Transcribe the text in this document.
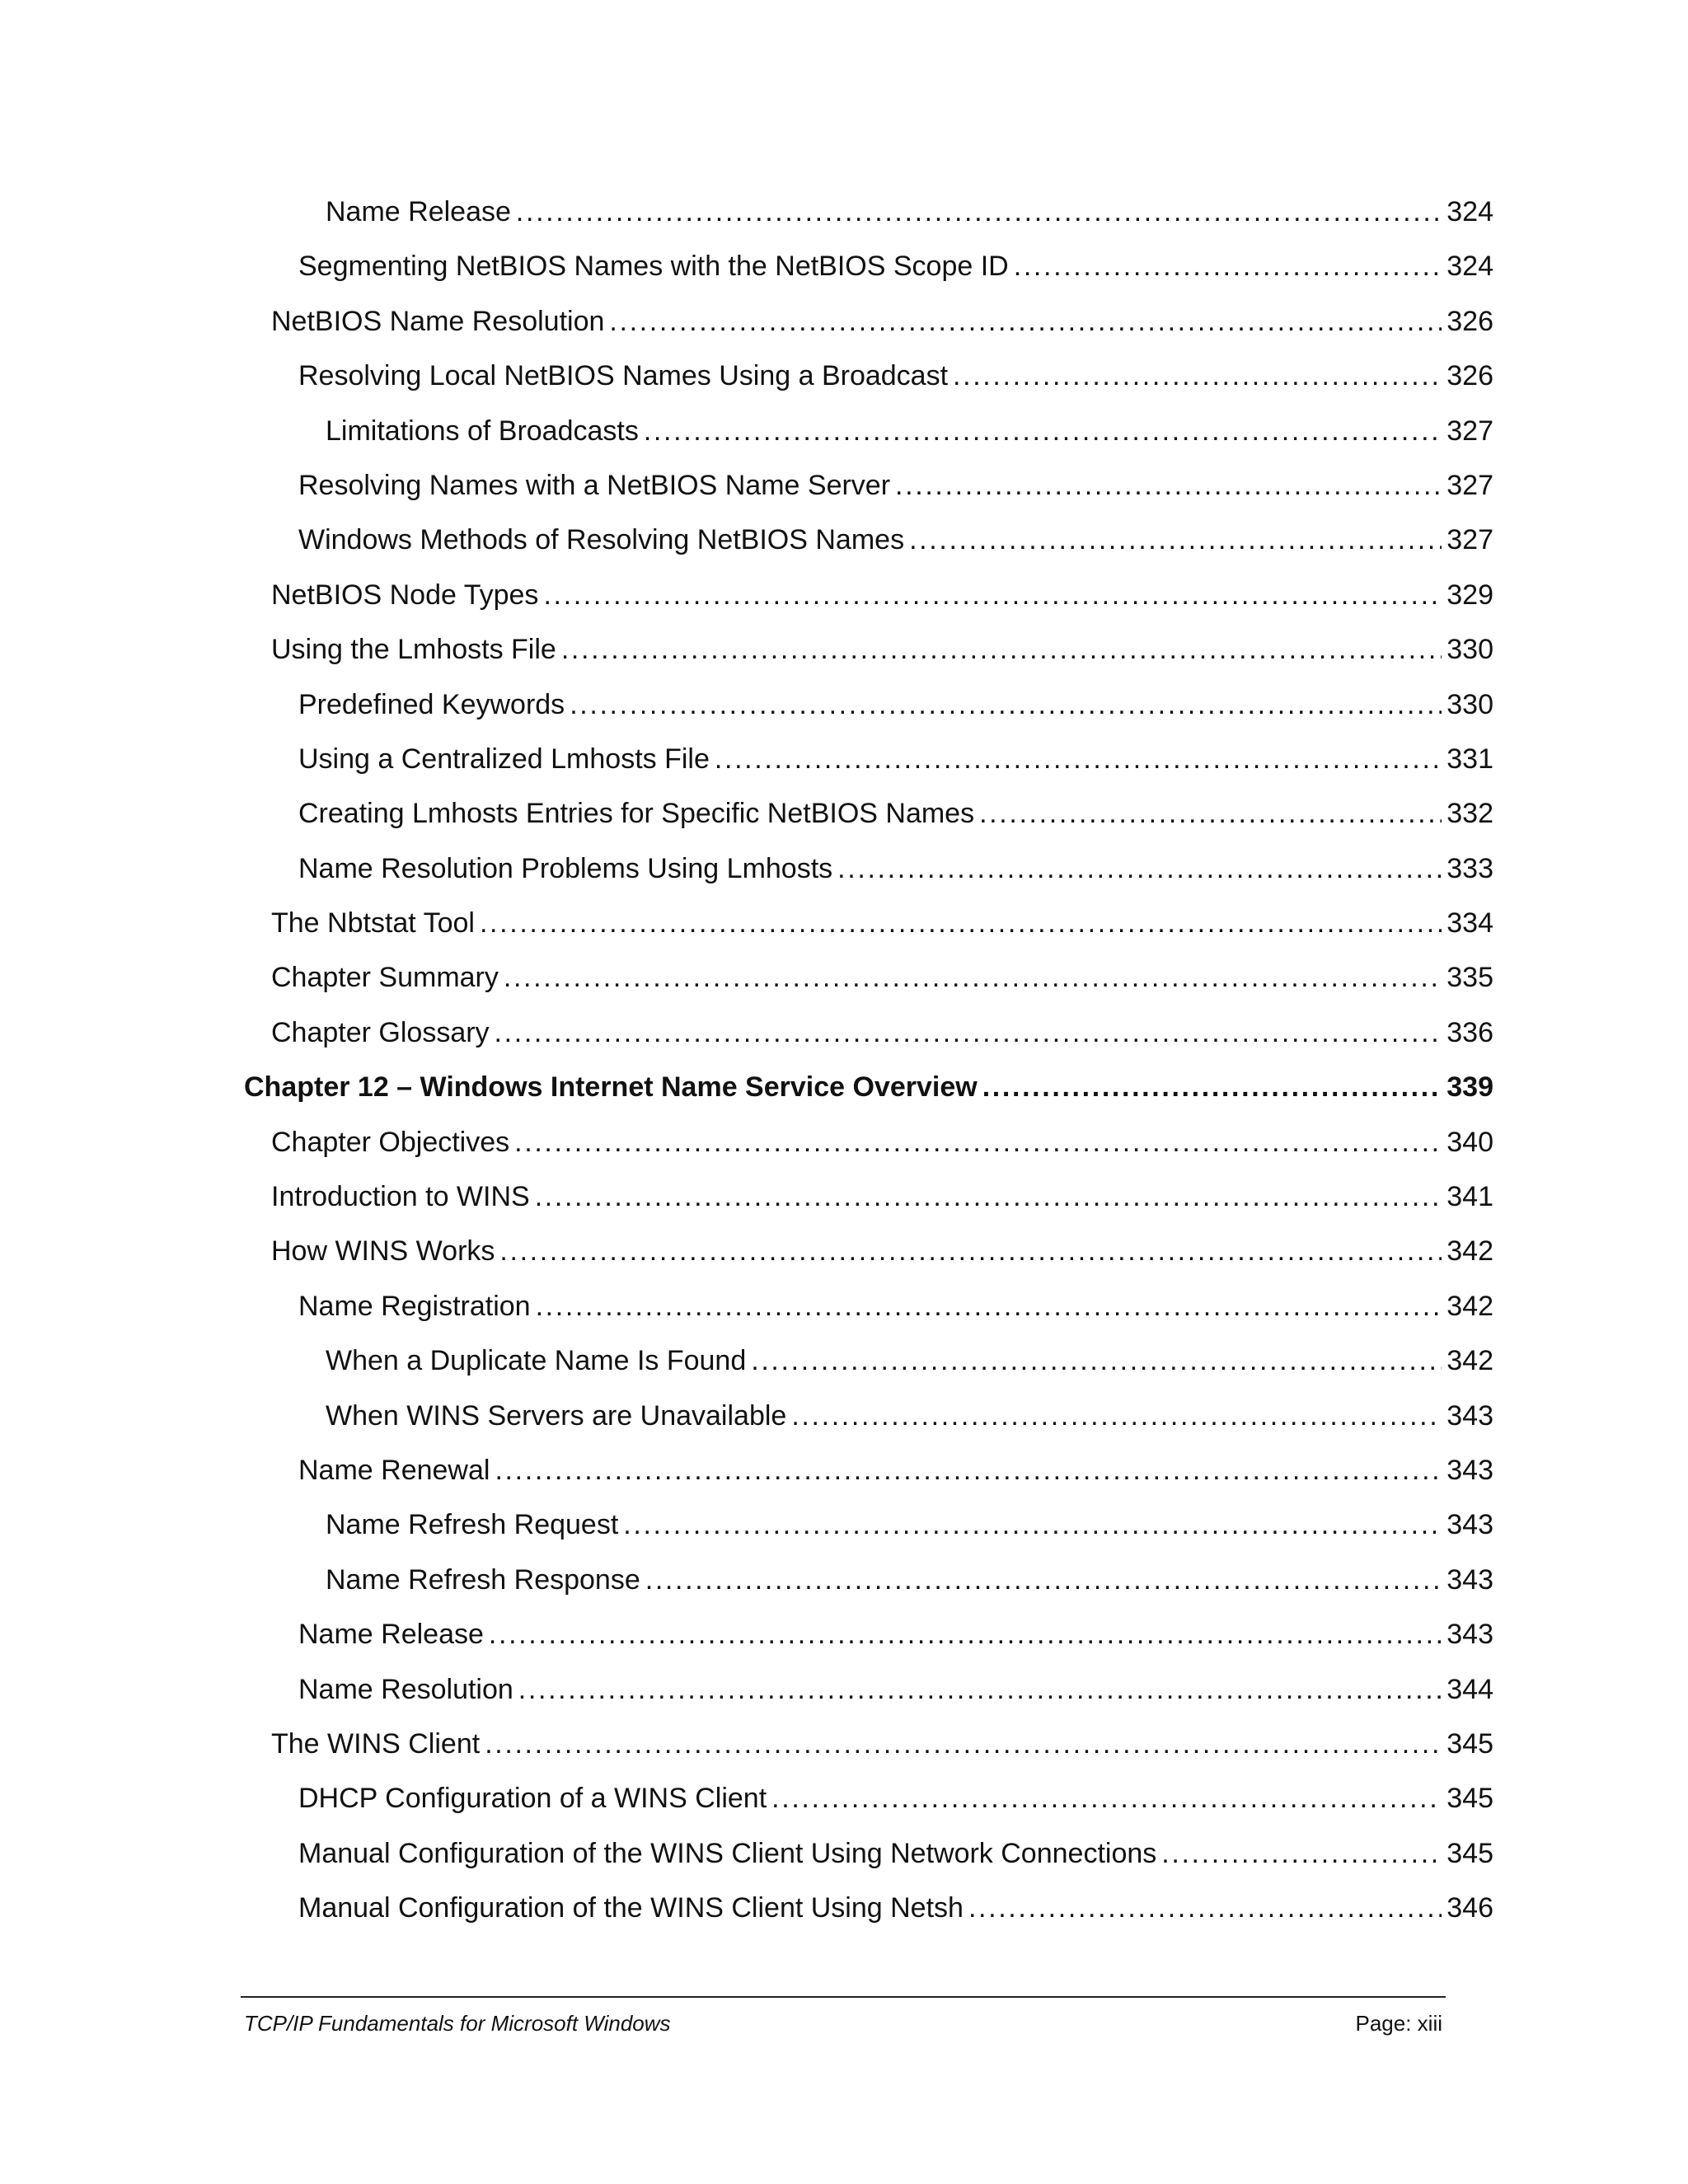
Name Release . . .	324
Segmenting NetBIOS Names with the NetBIOS Scope ID . . .	324
NetBIOS Name Resolution . . .	326
Resolving Local NetBIOS Names Using a Broadcast . . .	326
Limitations of Broadcasts . . .	327
Resolving Names with a NetBIOS Name Server . . .	327
Windows Methods of Resolving NetBIOS Names . . .	327
NetBIOS Node Types . . .	329
Using the Lmhosts File . . .	330
Predefined Keywords . . .	330
Using a Centralized Lmhosts File . . .	331
Creating Lmhosts Entries for Specific NetBIOS Names . . .	332
Name Resolution Problems Using Lmhosts . . .	333
The Nbtstat Tool . . .	334
Chapter Summary . . .	335
Chapter Glossary . . .	336
Chapter 12 – Windows Internet Name Service Overview . . .	339
Chapter Objectives . . .	340
Introduction to WINS . . .	341
How WINS Works . . .	342
Name Registration . . .	342
When a Duplicate Name Is Found . . .	342
When WINS Servers are Unavailable . . .	343
Name Renewal . . .	343
Name Refresh Request . . .	343
Name Refresh Response . . .	343
Name Release . . .	343
Name Resolution . . .	344
The WINS Client . . .	345
DHCP Configuration of a WINS Client . . .	345
Manual Configuration of the WINS Client Using Network Connections . . .	345
Manual Configuration of the WINS Client Using Netsh . . .	346
TCP/IP Fundamentals for Microsoft Windows	Page: xiii
